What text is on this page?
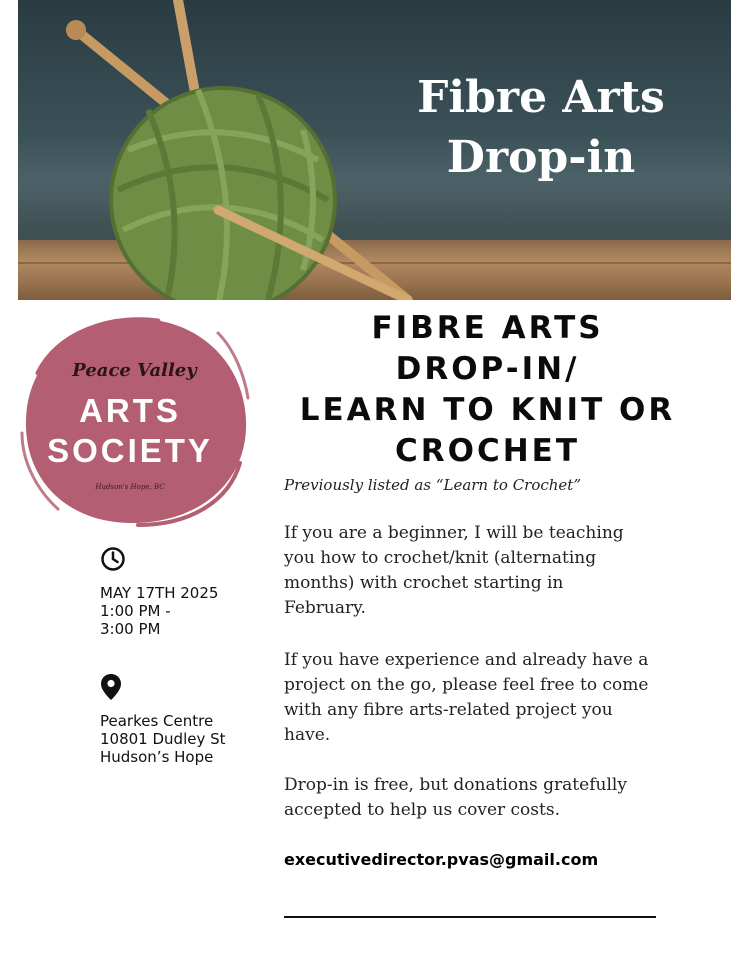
Fibre Arts
Drop-in
Peace Valley
ARTS
SOCIETY
Hudson's Hope, BC
MAY 17TH 2025
1:00 PM -
3:00 PM
Pearkes Centre
10801 Dudley St
Hudson’s Hope
FIBRE ARTS
DROP-IN/
LEARN TO KNIT OR
CROCHET
Previously listed as “Learn to Crochet”
If you are a beginner, I will be teaching
you how to crochet/knit (alternating
months) with crochet starting in
February.
If you have experience and already have a
project on the go, please feel free to come
with any fibre arts-related project you
have.
Drop-in is free, but donations gratefully
accepted to help us cover costs.
executivedirector.pvas@gmail.com
